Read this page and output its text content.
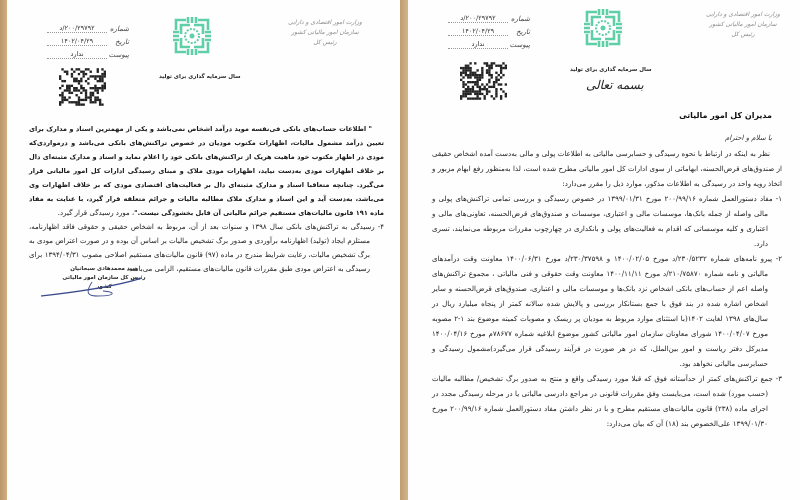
شماره
۲۰۰/۲۹۷۹۲/د
تاریخ
۱۴۰۲/۰۴/۲۹
پیوست
ندارد
وزارت امور اقتصادی و دارایی
سازمان امور مالیاتی کشور
رئیس کل
سال سرمایه گذاری برای تولید

" اطلاعات حساب‌های بانکی فی‌نفسه موید درآمد اشخاص نمی‌باشد و یکی از مهمترین اسناد و مدارک برای تعیین درآمد مشمول مالیات، اظهارات مکتوب مودیان در خصوص تراکنش‌های بانکی می‌باشد و درمواردی‌که مودی در اظهار مکتوب خود ماهیت هریک از تراکنش‌های بانکی خود را اعلام نماید و اسناد و مدارک مثبته‌ای دال بر خلاف اظهارات مودی به‌دست نیاید، اظهارات مودی ملاک و مبنای رسیدگی ادارات کل امور مالیاتی قرار می‌گیرد. چنانچه متعاقبا اسناد و مدارک مثبته‌ای دال بر فعالیت‌های اقتصادی مودی که بر خلاف اظهارات وی می‌باشد، به‌دست آید و این اسناد و مدارک ملاک مطالبه مالیات و جرائم متعلقه قرار گیرد، با عنایت به مفاد ماده ۱۹۱ قانون مالیات‌های مستقیم جرائم مالیاتی آن قابل بخشودگی نیست."، مورد رسیدگی قرار گیرد.

۴- رسیدگی به تراکنش‌های بانکی سال ۱۳۹۸ و سنوات بعد از آن، مربوط به اشخاص حقیقی و حقوقی فاقد اظهارنامه، مستلزم ایجاد (تولید) اظهارنامه برآوردی و صدور برگ تشخیص مالیات بر اساس آن بوده و در صورت اعتراض مودی به برگ تشخیص مالیات، رعایت شرایط مندرج در ماده (۹۷) قانون مالیات‌های مستقیم اصلاحی مصوب ۱۳۹۴/۰۴/۳۱ برای رسیدگی به اعتراض مودی طبق مقررات قانون مالیات‌های مستقیم، الزامی می‌باشد.

سید محمدهادی سبحانیان
رئیس کل سازمان امور مالیاتی کشور
شماره
۲۰۰/۲۹۷۹۲/د
تاریخ
۱۴۰۲/۰۴/۲۹
پیوست
ندارد
وزارت امور اقتصادی و دارایی
سازمان امور مالیاتی کشور
رئیس کل
سال سرمایه گذاری برای تولید
بسمه تعالی
مدیران کل امور مالیاتی
با سلام و احترام

نظر به اینکه در ارتباط با نحوه رسیدگی و حسابرسی مالیاتی به اطلاعات پولی و مالی به‌دست آمده اشخاص حقیقی از صندوق‌های قرض‌الحسنه، ابهاماتی از سوی ادارات کل امور مالیاتی مطرح شده است، لذا به‌منظور رفع ابهام مزبور و اتخاذ رویه واحد در رسیدگی به اطلاعات مذکور، موارد ذیل را مقرر می‌دارد:

۱- مفاد دستورالعمل شماره ۲۰۰/۹۹/۱۶ مورخ ۱۳۹۹/۰۱/۳۱ در خصوص رسیدگی و بررسی تمامی تراکنش‌های پولی و مالی واصله از جمله بانک‌ها، موسسات مالی و اعتباری، موسسات و صندوق‌های قرض‌الحسنه، تعاونی‌های مالی و اعتباری و کلیه موسساتی که اقدام به فعالیت‌های پولی و بانکداری در چهارچوب مقررات مربوطه می‌نمایند، تسری دارد.

۲- پیرو نامه‌های شماره ۲۳۰/۵۲۳۲/د مورخ ۱۴۰۰/۰۲/۰۵ و ۲۳۰/۳۷۵۹۸/د مورخ ۱۴۰۰/۰۶/۳۱ معاونت وقت درآمدهای مالیاتی و نامه شماره ۲۱۰/۷۵۸۷۰/د مورخ ۱۴۰۰/۱۱/۱۱ معاونت وقت حقوقی و فنی مالیاتی ، مجموع تراکنش‌های واصله اعم از حساب‌های بانکی اشخاص نزد بانک‌ها و موسسات مالی و اعتباری، صندوق‌های قرض‌الحسنه و سایر اشخاص اشاره شده در بند فوق با جمع بستانکار بررسی و پالایش شده سالانه کمتر از پنجاه میلیارد ریال در سال‌های ۱۳۹۸ لغایت ۱۴۰۲(با استثنای موارد مربوط به مودیان پر ریسک و مصوبات کمیته موضوع بند ۱-۲ مصوبه مورخ ۱۴۰۰/۰۴/۰۷ شورای معاونان سازمان امور مالیاتی کشور موضوع ابلاغیه شماره ۷۸۶۷۷م مورخ ۱۴۰۰/۰۴/۱۶ مدیرکل دفتر ریاست و امور بین‌الملل، که در هر صورت در فرآیند رسیدگی قرار می‌گیرد)مشمول رسیدگی و حسابرسی مالیاتی نخواهد بود.

۳- جمع تراکنش‌های کمتر از حدآستانه فوق که قبلا مورد رسیدگی واقع و منتج به صدور برگ تشخیص/ مطالبه مالیات (حسب مورد) شده است، می‌بایست وفق مقررات قانونی در مراجع دادرسی مالیاتی یا در مرحله رسیدگی مجدد در اجرای ماده (۲۳۸) قانون مالیات‌های مستقیم مطرح و با در نظر داشتن مفاد دستورالعمل شماره ۲۰۰/۹۹/۱۶ مورخ ۱۳۹۹/۰۱/۳۰ علی‌الخصوص بند (۱۸) آن که بیان می‌دارد:
